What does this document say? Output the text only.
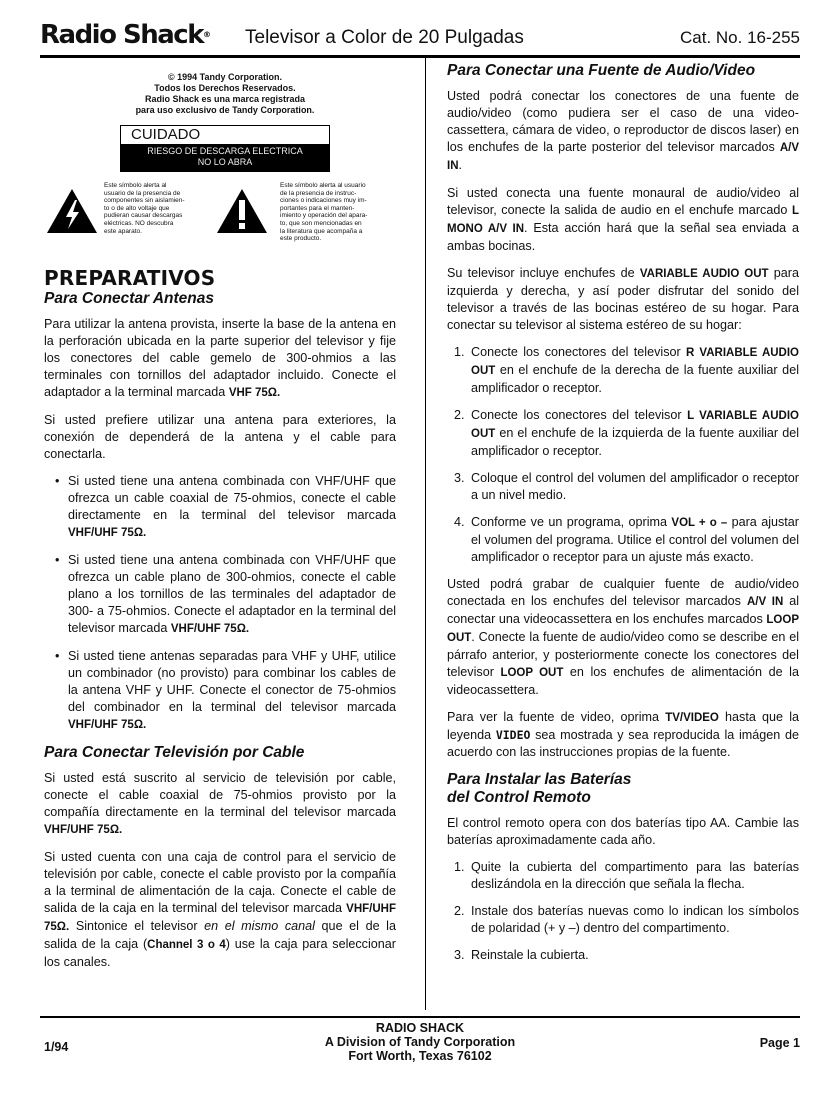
Radio Shack® Televisor a Color de 20 Pulgadas	Cat. No. 16-255
© 1994 Tandy Corporation.
Todos los Derechos Reservados.
Radio Shack es una marca registrada
para uso exclusivo de Tandy Corporation.
CUIDADO
RIESGO DE DESCARGA ELECTRICA
NO LO ABRA
Este símbolo alerta al
usuario de la presencia de
componentes sin aislamien-
to o de alto voltaje que
pudieran causar descargas
eléctricas. NO descubra
este aparato.
Este símbolo alerta al usuario
de la presencia de instruc-
ciones o indicaciones muy im-
portantes para el manten-
imiento y operación del apara-
to, que son mencionadas en
la literatura que acompaña a
este producto.
PREPARATIVOS
Para Conectar Antenas

Para utilizar la antena provista, inserte la base de la antena en la perforación ubicada en la parte superior del televisor y fije los conectores del cable gemelo de 300-ohmios a las terminales con tornillos del adaptador incluido. Conecte el adaptador a la terminal marcada VHF 75Ω.

Si usted prefiere utilizar una antena para exteriores, la conexión de dependerá de la antena y el cable para conectarla.

• Si usted tiene una antena combinada con VHF/UHF que ofrezca un cable coaxial de 75-ohmios, conecte el cable directamente en la terminal del televisor marcada VHF/UHF 75Ω.
• Si usted tiene una antena combinada con VHF/UHF que ofrezca un cable plano de 300-ohmios, conecte el cable plano a los tornillos de las terminales del adaptador de 300- a 75-ohmios. Conecte el adaptador en la terminal del televisor marcada VHF/UHF 75Ω.
• Si usted tiene antenas separadas para VHF y UHF, utilice un combinador (no provisto) para combinar los cables de la antena VHF y UHF. Conecte el conector de 75-ohmios del combinador en la terminal del televisor marcada VHF/UHF 75Ω.
Para Conectar Televisión por Cable

Si usted está suscrito al servicio de televisión por cable, conecte el cable coaxial de 75-ohmios provisto por la compañía directamente en la terminal del televisor marcada VHF/UHF 75Ω.

Si usted cuenta con una caja de control para el servicio de televisión por cable, conecte el cable provisto por la compañía a la terminal de alimentación de la caja. Conecte el cable de salida de la caja en la terminal del televisor marcada VHF/UHF 75Ω. Sintonice el televisor en el mismo canal que el de la salida de la caja (Channel 3 o 4) use la caja para seleccionar los canales.

Para Conectar una Fuente de Audio/Video

Usted podrá conectar los conectores de una fuente de audio/video (como pudiera ser el caso de una video-cassettera, cámara de video, o reproductor de discos laser) en los enchufes de la parte posterior del televisor marcados A/V IN.

Si usted conecta una fuente monaural de audio/video al televisor, conecte la salida de audio en el enchufe marcado L MONO A/V IN. Esta acción hará que la señal sea enviada a ambas bocinas.

Su televisor incluye enchufes de VARIABLE AUDIO OUT para izquierda y derecha, y así poder disfrutar del sonido del televisor a través de las bocinas estéreo de su hogar. Para conectar su televisor al sistema estéreo de su hogar:

1. Conecte los conectores del televisor R VARIABLE AUDIO OUT en el enchufe de la derecha de la fuente auxiliar del amplificador o receptor.
2. Conecte los conectores del televisor L VARIABLE AUDIO OUT en el enchufe de la izquierda de la fuente auxiliar del amplificador o receptor.
3. Coloque el control del volumen del amplificador o receptor a un nivel medio.
4. Conforme ve un programa, oprima VOL + o – para ajustar el volumen del programa. Utilice el control del volumen del amplificador o receptor para un ajuste más exacto.

Usted podrá grabar de cualquier fuente de audio/video conectada en los enchufes del televisor marcados A/V IN al conectar una videocassettera en los enchufes marcados LOOP OUT. Conecte la fuente de audio/video como se describe en el párrafo anterior, y posteriormente conecte los conectores del televisor LOOP OUT en los enchufes de alimentación de la videocassettera.

Para ver la fuente de video, oprima TV/VIDEO hasta que la leyenda VIDEO sea mostrada y sea reproducida la imágen de acuerdo con las instrucciones propias de la fuente.

Para Instalar las Baterías
del Control Remoto

El control remoto opera con dos baterías tipo AA. Cambie las baterías aproximadamente cada año.

1. Quite la cubierta del compartimento para las baterías deslizándola en la dirección que señala la flecha.
2. Instale dos baterías nuevas como lo indican los símbolos de polaridad (+ y –) dentro del compartimento.
3. Reinstale la cubierta.
1/94
RADIO SHACK
A Division of Tandy Corporation
Fort Worth, Texas 76102
Page 1
